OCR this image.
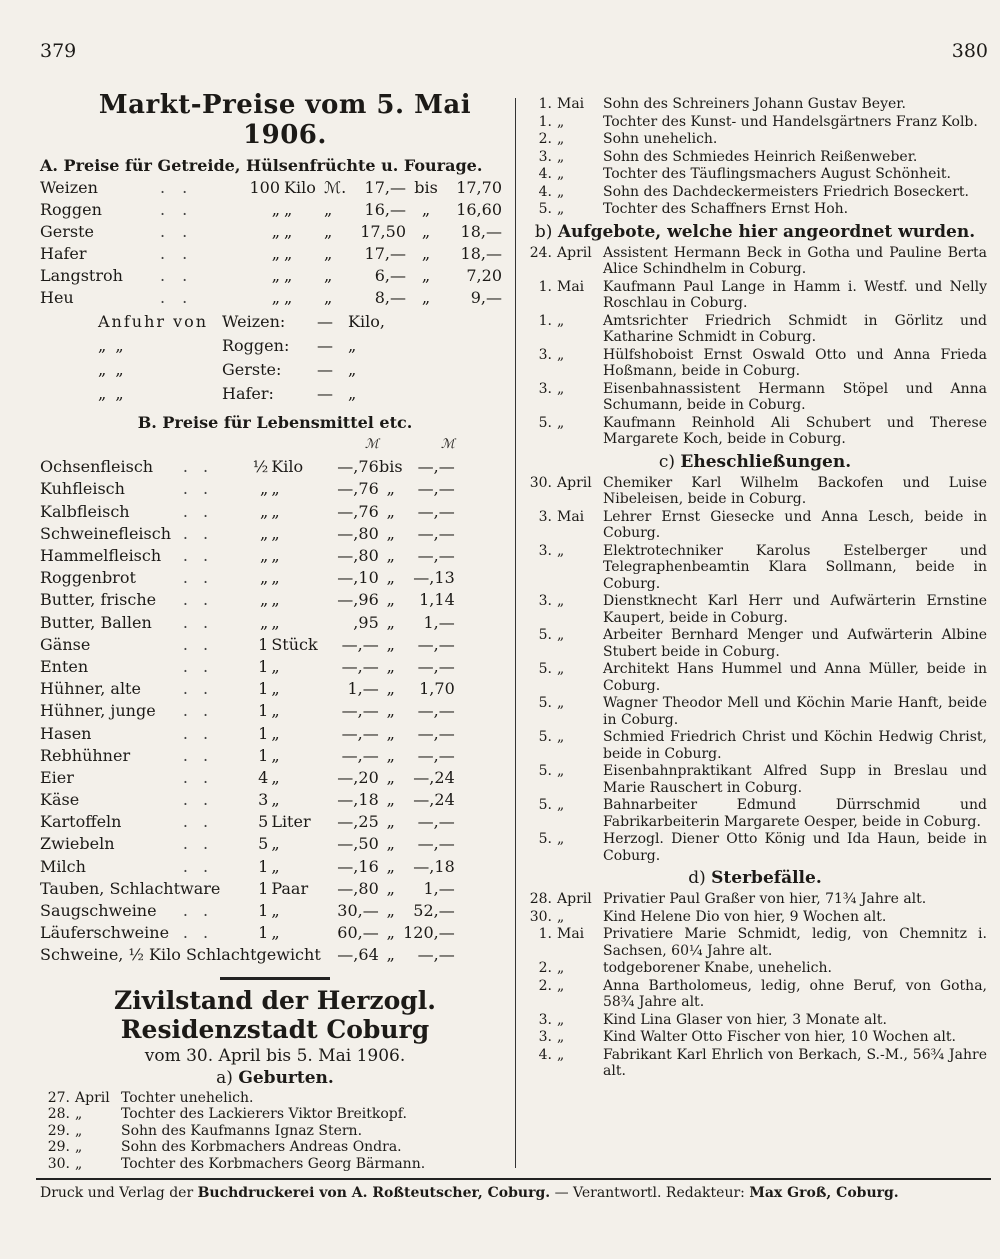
379	380
Markt-Preise vom 5. Mai 1906.
A. Preise für Getreide, Hülsenfrüchte u. Fourage.
Weizen	. .	100	Kilo	ℳ.	17,—	bis	17,70
Roggen	. .	„	„	„	16,—	„	16,60
Gerste	. .	„	„	„	17,50	„	18,—
Hafer	. .	„	„	„	17,—	„	18,—
Langstroh	. .	„	„	„	6,—	„	7,20
Heu	. .	„	„	„	8,—	„	9,—
Anfuhr von	Weizen:	—	Kilo,
„ „	Roggen:	—	„
„ „	Gerste:	—	„
„ „	Hafer:	—	„
B. Preise für Lebensmittel etc.
				ℳ		ℳ
Ochsenfleisch	. .	½	Kilo	—,76	bis	—,—
Kuhfleisch	. .	„	„	—,76	„	—,—
Kalbfleisch	. .	„	„	—,76	„	—,—
Schweinefleisch	. .	„	„	—,80	„	—,—
Hammelfleisch	. .	„	„	—,80	„	—,—
Roggenbrot	. .	„	„	—,10	„	—,13
Butter, frische	. .	„	„	—,96	„	1,14
Butter, Ballen	. .	„	„	,95	„	1,—
Gänse	. .	1	Stück	—,—	„	—,—
Enten	. .	1	„	—,—	„	—,—
Hühner, alte	. .	1	„	1,—	„	1,70
Hühner, junge	. .	1	„	—,—	„	—,—
Hasen	. .	1	„	—,—	„	—,—
Rebhühner	. .	1	„	—,—	„	—,—
Eier	. .	4	„	—,20	„	—,24
Käse	. .	3	„	—,18	„	—,24
Kartoffeln	. .	5	Liter	—,25	„	—,—
Zwiebeln	. .	5	„	—,50	„	—,—
Milch	. .	1	„	—,16	„	—,18
Tauben, Schlachtware		1	Paar	—,80	„	1,—
Saugschweine	. .	1	„	30,—	„	52,—
Läuferschweine	. .	1	„	60,—	„	120,—
Schweine, ½ Kilo Schlachtgewicht				—,64	„	—,—
Zivilstand der Herzogl. Residenzstadt Coburg
vom 30. April bis 5. Mai 1906.
a) Geburten.
27.	April	Tochter unehelich.
28.	„	Tochter des Lackierers Viktor Breitkopf.
29.	„	Sohn des Kaufmanns Ignaz Stern.
29.	„	Sohn des Korbmachers Andreas Ondra.
30.	„	Tochter des Korbmachers Georg Bärmann.
1.	Mai	Sohn des Schreiners Johann Gustav Beyer.
1.	„	Tochter des Kunst- und Handelsgärtners Franz Kolb.
2.	„	Sohn unehelich.
3.	„	Sohn des Schmiedes Heinrich Reißenweber.
4.	„	Tochter des Täuflingsmachers August Schönheit.
4.	„	Sohn des Dachdeckermeisters Friedrich Boseckert.
5.	„	Tochter des Schaffners Ernst Hoh.
b) Aufgebote, welche hier angeordnet wurden.
24.	April	Assistent Hermann Beck in Gotha und Pauline Berta Alice Schindhelm in Coburg.
1.	Mai	Kaufmann Paul Lange in Hamm i. Westf. und Nelly Roschlau in Coburg.
1.	„	Amtsrichter Friedrich Schmidt in Görlitz und Katharine Schmidt in Coburg.
3.	„	Hülfshoboist Ernst Oswald Otto und Anna Frieda Hoßmann, beide in Coburg.
3.	„	Eisenbahnassistent Hermann Stöpel und Anna Schumann, beide in Coburg.
5.	„	Kaufmann Reinhold Ali Schubert und Therese Margarete Koch, beide in Coburg.
c) Eheschließungen.
30.	April	Chemiker Karl Wilhelm Backofen und Luise Nibeleisen, beide in Coburg.
3.	Mai	Lehrer Ernst Giesecke und Anna Lesch, beide in Coburg.
3.	„	Elektrotechniker Karolus Estelberger und Telegraphenbeamtin Klara Sollmann, beide in Coburg.
3.	„	Dienstknecht Karl Herr und Aufwärterin Ernstine Kaupert, beide in Coburg.
5.	„	Arbeiter Bernhard Menger und Aufwärterin Albine Stubert beide in Coburg.
5.	„	Architekt Hans Hummel und Anna Müller, beide in Coburg.
5.	„	Wagner Theodor Mell und Köchin Marie Hanft, beide in Coburg.
5.	„	Schmied Friedrich Christ und Köchin Hedwig Christ, beide in Coburg.
5.	„	Eisenbahnpraktikant Alfred Supp in Breslau und Marie Rauschert in Coburg.
5.	„	Bahnarbeiter Edmund Dürrschmid und Fabrikarbeiterin Margarete Oesper, beide in Coburg.
5.	„	Herzogl. Diener Otto König und Ida Haun, beide in Coburg.
d) Sterbefälle.
28.	April	Privatier Paul Graßer von hier, 71¾ Jahre alt.
30.	„	Kind Helene Dio von hier, 9 Wochen alt.
1.	Mai	Privatiere Marie Schmidt, ledig, von Chemnitz i. Sachsen, 60¼ Jahre alt.
2.	„	todgeborener Knabe, unehelich.
2.	„	Anna Bartholomeus, ledig, ohne Beruf, von Gotha, 58¾ Jahre alt.
3.	„	Kind Lina Glaser von hier, 3 Monate alt.
3.	„	Kind Walter Otto Fischer von hier, 10 Wochen alt.
4.	„	Fabrikant Karl Ehrlich von Berkach, S.-M., 56¾ Jahre alt.
Druck und Verlag der Buchdruckerei von A. Roßteutscher, Coburg. — Verantwortl. Redakteur: Max Groß, Coburg.
